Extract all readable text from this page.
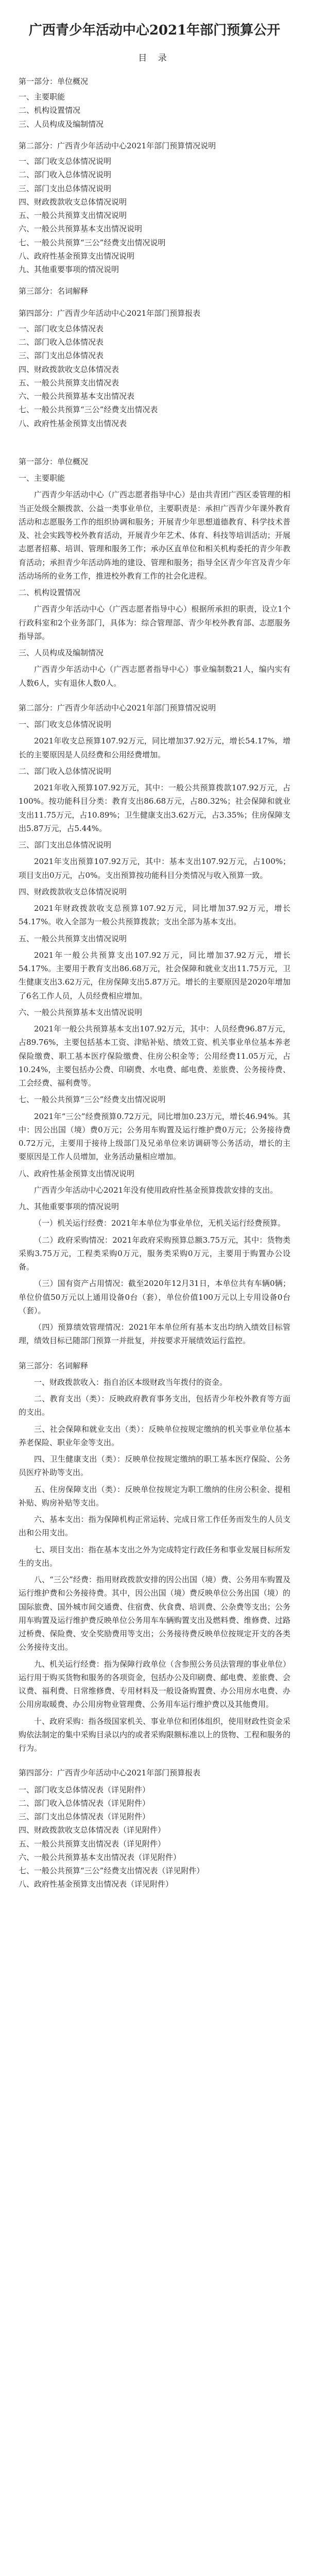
广西青少年活动中心2021年部门预算公开
目 录
第一部分：单位概况
一、主要职能
二、机构设置情况
三、人员构成及编制情况
第二部分：广西青少年活动中心2021年部门预算情况说明
一、部门收支总体情况说明
二、部门收入总体情况说明
三、部门支出总体情况说明
四、财政拨款收支总体情况说明
五、一般公共预算支出情况说明
六、一般公共预算基本支出情况说明
七、一般公共预算“三公”经费支出情况说明
八、政府性基金预算支出情况说明
九、其他重要事项的情况说明
第三部分：名词解释
第四部分：广西青少年活动中心2021年部门预算报表
一、部门收支总体情况表
二、部门收入总体情况表
三、部门支出总体情况表
四、财政拨款收支总体情况表
五、一般公共预算支出情况表
六、一般公共预算基本支出情况表
七、一般公共预算“三公”经费支出情况表
八、政府性基金预算支出情况表
第一部分：单位概况
一、主要职能

广西青少年活动中心（广西志愿者指导中心）是由共青团广西区委管理的相当正处级全额拨款、公益一类事业单位，主要职责是：承担广西青少年课外教育活动和志愿服务工作的组织协调和服务；开展青少年思想道德教育、科学技术普及、社会实践等校外教育活动，开展青少年艺术、体育、科技等培训活动；开展志愿者招募、培训、管理和服务工作；承办区直单位和相关机构委托的青少年教育活动；承担青少年活动阵地的建设、管理和服务；指导全区青少年宫及青少年活动场所的业务工作，推进校外教育工作的社会化进程。

二、机构设置情况

广西青少年活动中心（广西志愿者指导中心）根据所承担的职责，设立1个行政科室和2个业务部门，具体为：综合管理部、青少年校外教育部、志愿服务指导部。

三、人员构成及编制情况

广西青少年活动中心（广西志愿者指导中心）事业编制数21人，编内实有人数6人，实有退休人数0人。

第二部分：广西青少年活动中心2021年部门预算情况说明
一、部门收支总体情况说明

2021年收支总预算107.92万元，同比增加37.92万元，增长54.17%，增长的主要原因是人员经费和公用经费增加。

二、部门收入总体情况说明

2021年收入预算107.92万元，其中：一般公共预算拨款107.92万元，占100%。按功能科目分类：教育支出86.68万元，占80.32%；社会保障和就业支出11.75万元，占10.89%；卫生健康支出3.62万元，占3.35%；住房保障支出5.87万元，占5.44%。

三、部门支出总体情况说明

2021年支出预算107.92万元，其中：基本支出107.92万元，占100%；项目支出0万元，占0%。支出预算按功能科目分类情况与收入预算一致。

四、财政拨款收支总体情况说明

2021年财政拨款收支总预算107.92万元，同比增加37.92万元，增长54.17%。收入全部为一般公共预算拨款；支出全部为基本支出。

五、一般公共预算支出情况说明

2021年一般公共预算支出107.92万元，同比增加37.92万元，增长54.17%。主要用于教育支出86.68万元，社会保障和就业支出11.75万元，卫生健康支出3.62万元，住房保障支出5.87万元。增长的主要原因是2020年增加了6名工作人员，人员经费相应增加。

六、一般公共预算基本支出情况说明

2021年一般公共预算基本支出107.92万元，其中：人员经费96.87万元，占89.76%，主要包括基本工资、津贴补贴、绩效工资、机关事业单位基本养老保险缴费、职工基本医疗保险缴费、住房公积金等；公用经费11.05万元，占10.24%，主要包括办公费、印刷费、水电费、邮电费、差旅费、公务接待费、工会经费、福利费等。

七、一般公共预算“三公”经费支出情况说明

2021年“三公”经费预算0.72万元，同比增加0.23万元，增长46.94%。其中：因公出国（境）费0万元；公务用车购置及运行维护费0万元；公务接待费0.72万元，主要用于接待上级部门及兄弟单位来访调研等公务活动，增长的主要原因是工作人员增加，业务活动量相应增加。

八、政府性基金预算支出情况说明

广西青少年活动中心2021年没有使用政府性基金预算拨款安排的支出。

九、其他重要事项的情况说明

（一）机关运行经费：2021年本单位为事业单位，无机关运行经费预算。

（二）政府采购情况：2021年政府采购预算总额3.75万元，其中：货物类采购3.75万元，工程类采购0万元，服务类采购0万元，主要用于购置办公设备。

（三）国有资产占用情况：截至2020年12月31日，本单位共有车辆0辆；单位价值50万元以上通用设备0台（套），单位价值100万元以上专用设备0台（套）。

（四）预算绩效管理情况：2021年本单位所有基本支出均纳入绩效目标管理，绩效目标已随部门预算一并批复，并按要求开展绩效运行监控。

第三部分：名词解释

一、财政拨款收入：指自治区本级财政当年拨付的资金。

二、教育支出（类）：反映政府教育事务支出，包括青少年校外教育等方面的支出。

三、社会保障和就业支出（类）：反映单位按规定缴纳的机关事业单位基本养老保险、职业年金等支出。

四、卫生健康支出（类）：反映单位按规定缴纳的职工基本医疗保险、公务员医疗补助等支出。

五、住房保障支出（类）：反映单位按规定为职工缴纳的住房公积金、提租补贴、购房补贴等支出。

六、基本支出：指为保障机构正常运转、完成日常工作任务而发生的人员支出和公用支出。

七、项目支出：指在基本支出之外为完成特定行政任务和事业发展目标所发生的支出。

八、“三公”经费：指用财政拨款安排的因公出国（境）费、公务用车购置及运行维护费和公务接待费。其中，因公出国（境）费反映单位公务出国（境）的国际旅费、国外城市间交通费、住宿费、伙食费、培训费、公杂费等支出；公务用车购置及运行维护费反映单位公务用车车辆购置支出及燃料费、维修费、过路过桥费、保险费、安全奖励费用等支出；公务接待费反映单位按规定开支的各类公务接待支出。

九、机关运行经费：指为保障行政单位（含参照公务员法管理的事业单位）运行用于购买货物和服务的各项资金，包括办公及印刷费、邮电费、差旅费、会议费、福利费、日常维修费、专用材料及一般设备购置费、办公用房水电费、办公用房取暖费、办公用房物业管理费、公务用车运行维护费以及其他费用。

十、政府采购：指各级国家机关、事业单位和团体组织，使用财政性资金采购依法制定的集中采购目录以内的或者采购限额标准以上的货物、工程和服务的行为。

第四部分：广西青少年活动中心2021年部门预算报表
一、部门收支总体情况表（详见附件）
二、部门收入总体情况表（详见附件）
三、部门支出总体情况表（详见附件）
四、财政拨款收支总体情况表（详见附件）
五、一般公共预算支出情况表（详见附件）
六、一般公共预算基本支出情况表（详见附件）
七、一般公共预算“三公”经费支出情况表（详见附件）
八、政府性基金预算支出情况表（详见附件）
